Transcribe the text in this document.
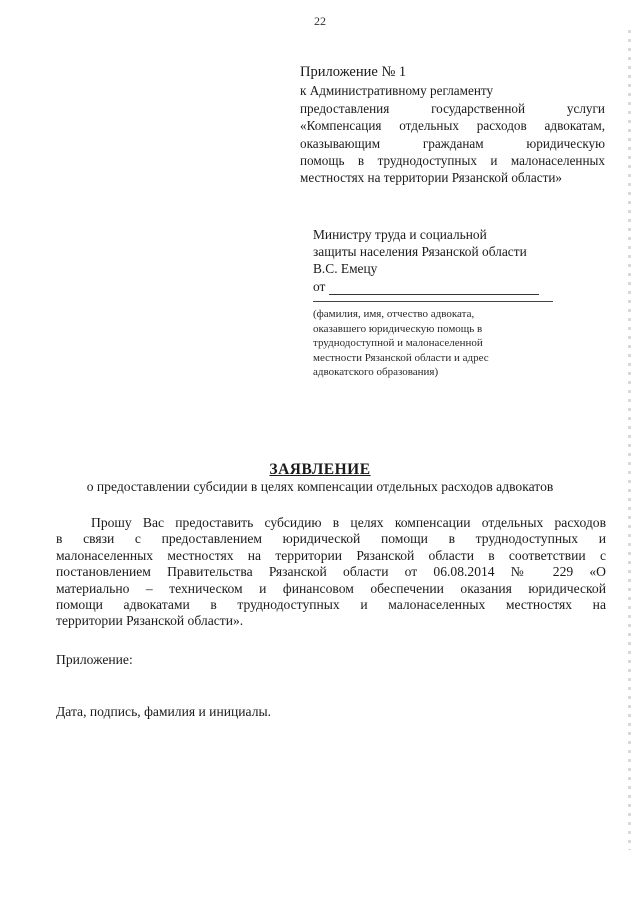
22
Приложение № 1
к Административному регламенту
предоставления государственной услуги
«Компенсация отдельных расходов адвокатам,
оказывающим гражданам юридическую
помощь в труднодоступных и малонаселенных
местностях на территории Рязанской области»
Министру труда и социальной
защиты населения Рязанской области
В.С. Емецу
от
(фамилия, имя, отчество адвоката,
оказавшего юридическую помощь в
труднодоступной и малонаселенной
местности Рязанской области и адрес
адвокатского образования)
ЗАЯВЛЕНИЕ
о предоставлении субсидии в целях компенсации отдельных расходов адвокатов
Прошу Вас предоставить субсидию в целях компенсации отдельных расходов
в связи с предоставлением юридической помощи в труднодоступных и
малонаселенных местностях на территории Рязанской области в соответствии с
постановлением Правительства Рязанской области от 06.08.2014 № 229 «О
материально – техническом и финансовом обеспечении оказания юридической
помощи адвокатами в труднодоступных и малонаселенных местностях на
территории Рязанской области».
Приложение:
Дата, подпись, фамилия и инициалы.
